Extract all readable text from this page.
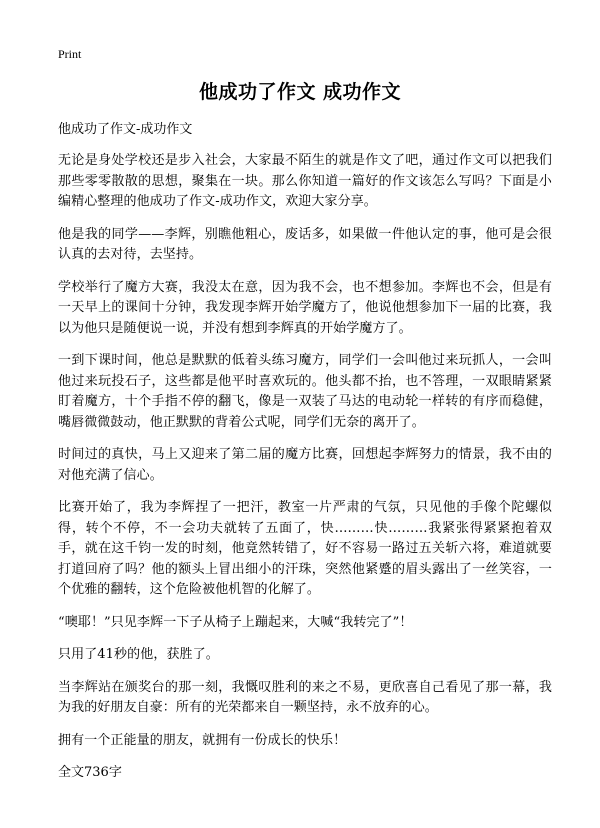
Print
他成功了作文 成功作文
他成功了作文-成功作文

无论是身处学校还是步入社会，大家最不陌生的就是作文了吧，通过作文可以把我们那些零零散散的思想，聚集在一块。那么你知道一篇好的作文该怎么写吗？下面是小编精心整理的他成功了作文-成功作文，欢迎大家分享。

他是我的同学——李辉，别瞧他粗心，废话多，如果做一件他认定的事，他可是会很认真的去对待，去坚持。

学校举行了魔方大赛，我没太在意，因为我不会，也不想参加。李辉也不会，但是有一天早上的课间十分钟，我发现李辉开始学魔方了，他说他想参加下一届的比赛，我以为他只是随便说一说，并没有想到李辉真的开始学魔方了。

一到下课时间，他总是默默的低着头练习魔方，同学们一会叫他过来玩抓人，一会叫他过来玩投石子，这些都是他平时喜欢玩的。他头都不抬，也不答理，一双眼睛紧紧盯着魔方，十个手指不停的翻飞，像是一双装了马达的电动轮一样转的有序而稳健，嘴唇微微鼓动，他正默默的背着公式呢，同学们无奈的离开了。

时间过的真快，马上又迎来了第二届的魔方比赛，回想起李辉努力的情景，我不由的对他充满了信心。

比赛开始了，我为李辉捏了一把汗，教室一片严肃的气氛，只见他的手像个陀螺似得，转个不停，不一会功夫就转了五面了，快………快………我紧张得紧紧抱着双手，就在这千钧一发的时刻，他竟然转错了，好不容易一路过五关斩六将，难道就要打道回府了吗？他的额头上冒出细小的汗珠，突然他紧蹙的眉头露出了一丝笑容，一个优雅的翻转，这个危险被他机智的化解了。

“噢耶！”只见李辉一下子从椅子上蹦起来，大喊“我转完了”！

只用了41秒的他，获胜了。

当李辉站在颁奖台的那一刻，我慨叹胜利的来之不易，更欣喜自己看见了那一幕，我为我的好朋友自豪：所有的光荣都来自一颗坚持，永不放弃的心。

拥有一个正能量的朋友，就拥有一份成长的快乐！

全文736字
